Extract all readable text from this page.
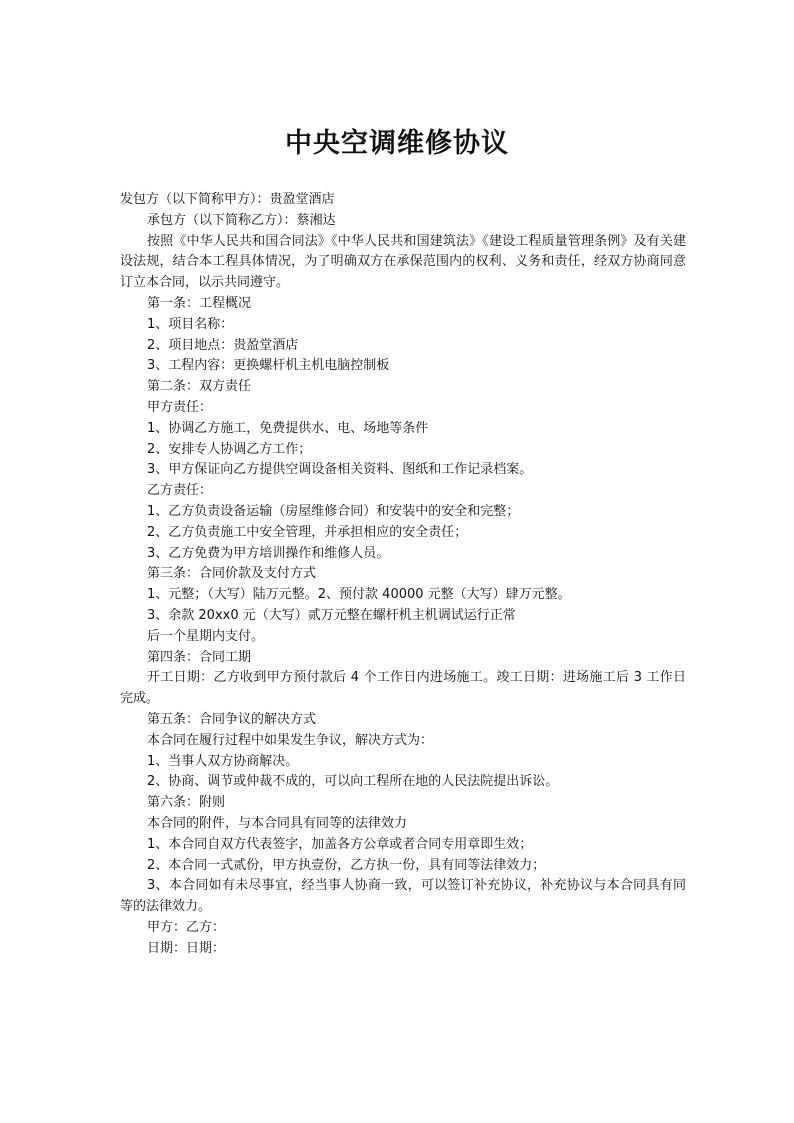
中央空调维修协议

发包方（以下简称甲方）：贵盈堂酒店

承包方（以下简称乙方）：蔡湘达

按照《中华人民共和国合同法》《中华人民共和国建筑法》《建设工程质量管理条例》及有关建设法规，结合本工程具体情况，为了明确双方在承保范围内的权利、义务和责任，经双方协商同意订立本合同，以示共同遵守。

第一条：工程概况

1、项目名称：

2、项目地点：贵盈堂酒店

3、工程内容：更换螺杆机主机电脑控制板

第二条：双方责任

甲方责任：

1、协调乙方施工，免费提供水、电、场地等条件

2、安排专人协调乙方工作；

3、甲方保证向乙方提供空调设备相关资料、图纸和工作记录档案。

乙方责任：

1、乙方负责设备运输（房屋维修合同）和安装中的安全和完整；

2、乙方负责施工中安全管理，并承担相应的安全责任；

3、乙方免费为甲方培训操作和维修人员。

第三条：合同价款及支付方式

1、元整；（大写）陆万元整。2、预付款 40000 元整（大写）肆万元整。

3、余款 20xx0 元（大写）贰万元整在螺杆机主机调试运行正常

后一个星期内支付。

第四条：合同工期

开工日期：乙方收到甲方预付款后 4 个工作日内进场施工。竣工日期：进场施工后 3 工作日完成。

第五条：合同争议的解决方式

本合同在履行过程中如果发生争议，解决方式为：

1、当事人双方协商解决。

2、协商、调节或仲裁不成的，可以向工程所在地的人民法院提出诉讼。

第六条：附则

本合同的附件，与本合同具有同等的法律效力

1、本合同自双方代表签字，加盖各方公章或者合同专用章即生效；

2、本合同一式贰份，甲方执壹份，乙方执一份，具有同等法律效力；

3、本合同如有未尽事宜，经当事人协商一致，可以签订补充协议，补充协议与本合同具有同等的法律效力。

甲方：乙方：

日期：日期：
